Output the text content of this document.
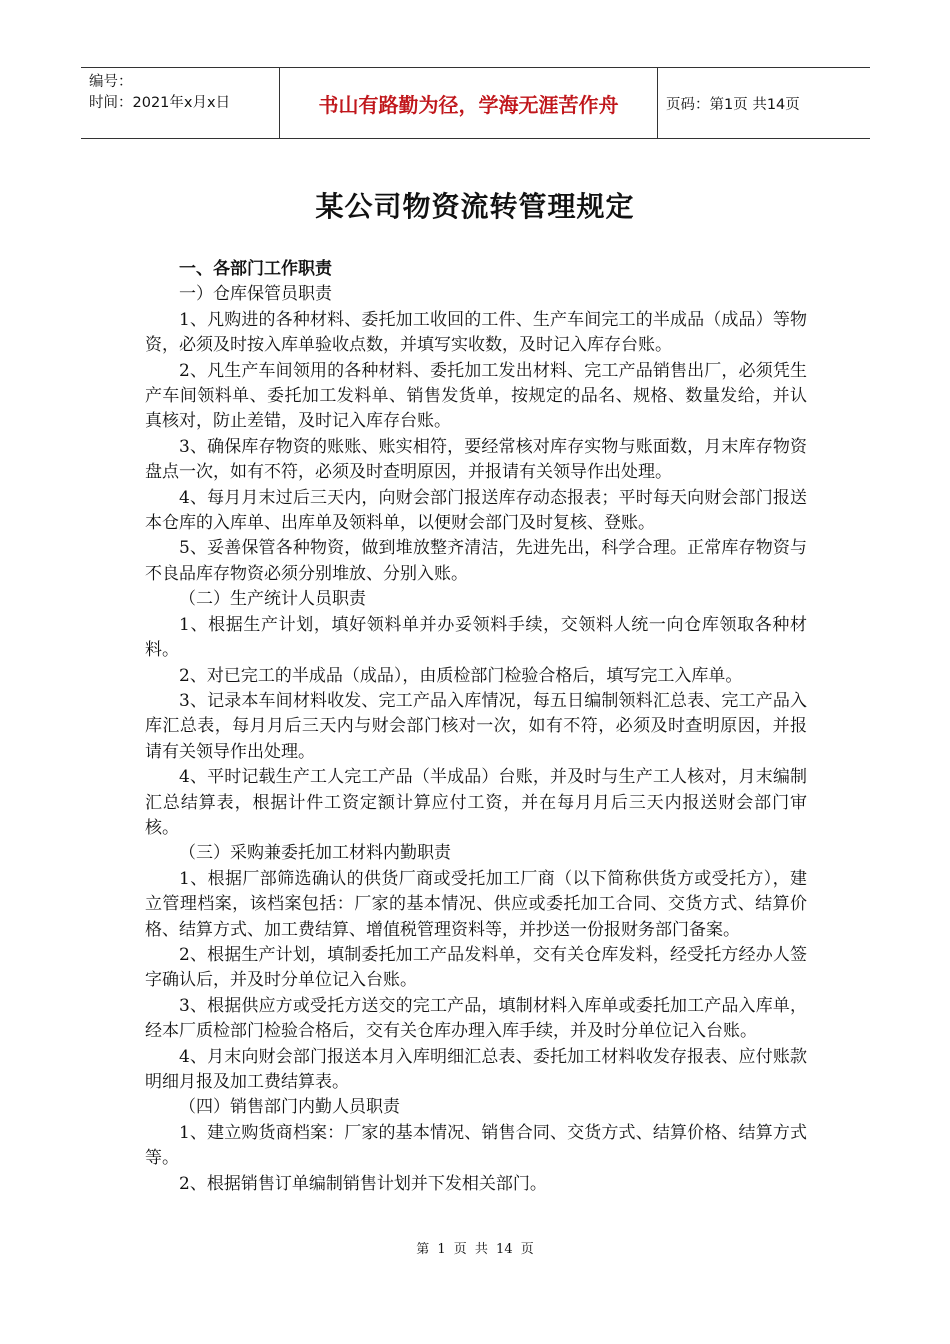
编号：
时间：2021年x月x日	书山有路勤为径，学海无涯苦作舟	页码：第1页 共14页
某公司物资流转管理规定

一、各部门工作职责

一）仓库保管员职责

1、凡购进的各种材料、委托加工收回的工件、生产车间完工的半成品（成品）等物资，必须及时按入库单验收点数，并填写实收数，及时记入库存台账。

2、凡生产车间领用的各种材料、委托加工发出材料、完工产品销售出厂，必须凭生产车间领料单、委托加工发料单、销售发货单，按规定的品名、规格、数量发给，并认真核对，防止差错，及时记入库存台账。

3、确保库存物资的账账、账实相符，要经常核对库存实物与账面数，月末库存物资盘点一次，如有不符，必须及时查明原因，并报请有关领导作出处理。

4、每月月末过后三天内，向财会部门报送库存动态报表；平时每天向财会部门报送本仓库的入库单、出库单及领料单，以便财会部门及时复核、登账。

5、妥善保管各种物资，做到堆放整齐清洁，先进先出，科学合理。正常库存物资与不良品库存物资必须分别堆放、分别入账。

（二）生产统计人员职责

1、根据生产计划，填好领料单并办妥领料手续，交领料人统一向仓库领取各种材料。

2、对已完工的半成品（成品），由质检部门检验合格后，填写完工入库单。

3、记录本车间材料收发、完工产品入库情况，每五日编制领料汇总表、完工产品入库汇总表，每月月后三天内与财会部门核对一次，如有不符，必须及时查明原因，并报请有关领导作出处理。

4、平时记载生产工人完工产品（半成品）台账，并及时与生产工人核对，月末编制汇总结算表，根据计件工资定额计算应付工资，并在每月月后三天内报送财会部门审核。

（三）采购兼委托加工材料内勤职责

1、根据厂部筛选确认的供货厂商或受托加工厂商（以下简称供货方或受托方），建立管理档案，该档案包括：厂家的基本情况、供应或委托加工合同、交货方式、结算价格、结算方式、加工费结算、增值税管理资料等，并抄送一份报财务部门备案。

2、根据生产计划，填制委托加工产品发料单，交有关仓库发料，经受托方经办人签字确认后，并及时分单位记入台账。

3、根据供应方或受托方送交的完工产品，填制材料入库单或委托加工产品入库单，经本厂质检部门检验合格后，交有关仓库办理入库手续，并及时分单位记入台账。

4、月末向财会部门报送本月入库明细汇总表、委托加工材料收发存报表、应付账款明细月报及加工费结算表。

（四）销售部门内勤人员职责

1、建立购货商档案：厂家的基本情况、销售合同、交货方式、结算价格、结算方式等。

2、根据销售订单编制销售计划并下发相关部门。

第 1 页 共 14 页
